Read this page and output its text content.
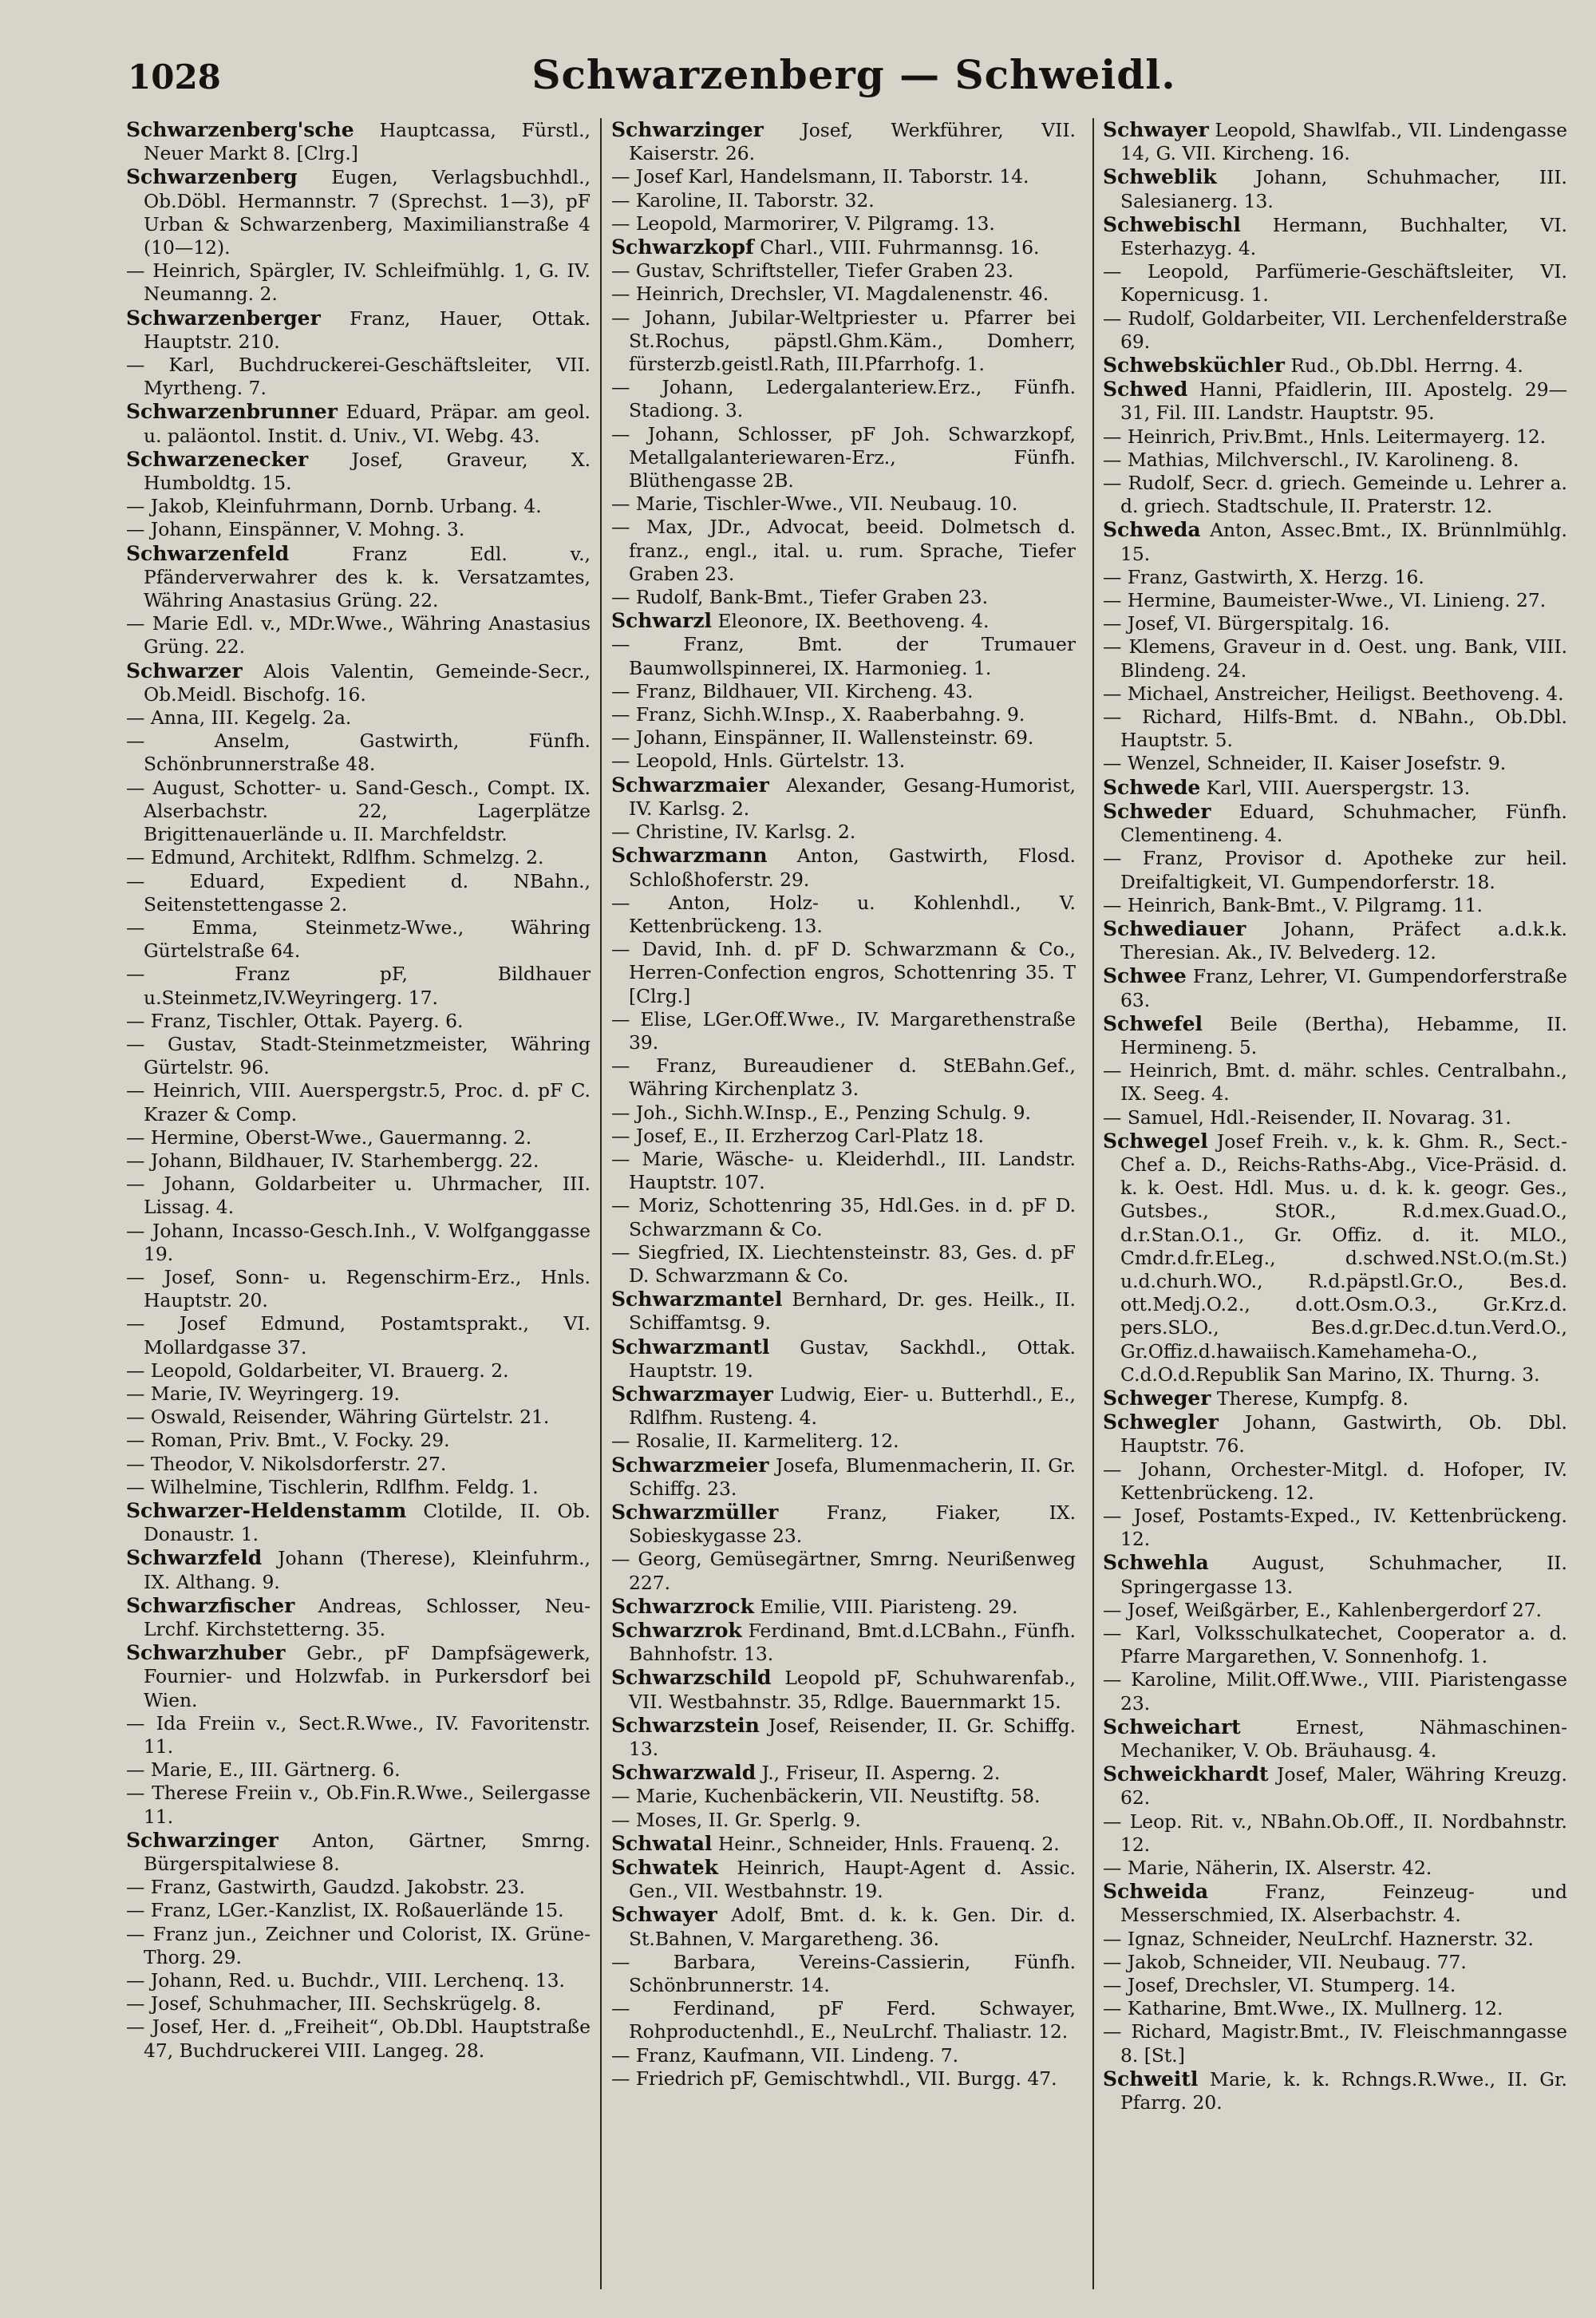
1028	Schwarzenberg — Schweidl.

Schwarzenberg'sche Hauptcassa, Fürstl., Neuer Markt 8. [Clrg.]

Schwarzenberg Eugen, Verlagsbuchhdl., Ob.Döbl. Hermannstr. 7 (Sprechst. 1—3), pF Urban & Schwarzenberg, Maximilianstraße 4 (10—12).

— Heinrich, Spärgler, IV. Schleifmühlg. 1, G. IV. Neumanng. 2.

Schwarzenberger Franz, Hauer, Ottak. Hauptstr. 210.

— Karl, Buchdruckerei-Geschäftsleiter, VII. Myrtheng. 7.

Schwarzenbrunner Eduard, Präpar. am geol. u. paläontol. Instit. d. Univ., VI. Webg. 43.

Schwarzenecker Josef, Graveur, X. Humboldtg. 15.

— Jakob, Kleinfuhrmann, Dornb. Urbang. 4.

— Johann, Einspänner, V. Mohng. 3.

Schwarzenfeld Franz Edl. v., Pfänderverwahrer des k. k. Versatzamtes, Währing Anastasius Grüng. 22.

— Marie Edl. v., MDr.Wwe., Währing Anastasius Grüng. 22.

Schwarzer Alois Valentin, Gemeinde-Secr., Ob.Meidl. Bischofg. 16.

— Anna, III. Kegelg. 2a.

— Anselm, Gastwirth, Fünfh. Schönbrunnerstraße 48.

— August, Schotter- u. Sand-Gesch., Compt. IX. Alserbachstr. 22, Lagerplätze Brigittenauerlände u. II. Marchfeldstr.

— Edmund, Architekt, Rdlfhm. Schmelzg. 2.

— Eduard, Expedient d. NBahn., Seitenstettengasse 2.

— Emma, Steinmetz-Wwe., Währing Gürtelstraße 64.

— Franz pF, Bildhauer u.Steinmetz,IV.Weyringerg. 17.

— Franz, Tischler, Ottak. Payerg. 6.

— Gustav, Stadt-Steinmetzmeister, Währing Gürtelstr. 96.

— Heinrich, VIII. Auerspergstr.5, Proc. d. pF C. Krazer & Comp.

— Hermine, Oberst-Wwe., Gauermanng. 2.

— Johann, Bildhauer, IV. Starhembergg. 22.

— Johann, Goldarbeiter u. Uhrmacher, III. Lissag. 4.

— Johann, Incasso-Gesch.Inh., V. Wolfganggasse 19.

— Josef, Sonn- u. Regenschirm-Erz., Hnls. Hauptstr. 20.

— Josef Edmund, Postamtsprakt., VI. Mollardgasse 37.

— Leopold, Goldarbeiter, VI. Brauerg. 2.

— Marie, IV. Weyringerg. 19.

— Oswald, Reisender, Währing Gürtelstr. 21.

— Roman, Priv. Bmt., V. Focky. 29.

— Theodor, V. Nikolsdorferstr. 27.

— Wilhelmine, Tischlerin, Rdlfhm. Feldg. 1.

Schwarzer-Heldenstamm Clotilde, II. Ob. Donaustr. 1.

Schwarzfeld Johann (Therese), Kleinfuhrm., IX. Althang. 9.

Schwarzfischer Andreas, Schlosser, Neu-Lrchf. Kirchstetterng. 35.

Schwarzhuber Gebr., pF Dampfsägewerk, Fournier- und Holzwfab. in Purkersdorf bei Wien.

— Ida Freiin v., Sect.R.Wwe., IV. Favoritenstr. 11.

— Marie, E., III. Gärtnerg. 6.

— Therese Freiin v., Ob.Fin.R.Wwe., Seilergasse 11.

Schwarzinger Anton, Gärtner, Smrng. Bürgerspitalwiese 8.

— Franz, Gastwirth, Gaudzd. Jakobstr. 23.

— Franz, LGer.-Kanzlist, IX. Roßauerlände 15.

— Franz jun., Zeichner und Colorist, IX. Grüne-Thorg. 29.

— Johann, Red. u. Buchdr., VIII. Lerchenq. 13.

— Josef, Schuhmacher, III. Sechskrügelg. 8.

— Josef, Her. d. „Freiheit“, Ob.Dbl. Hauptstraße 47, Buchdruckerei VIII. Langeg. 28.

Schwarzinger Josef, Werkführer, VII. Kaiserstr. 26.

— Josef Karl, Handelsmann, II. Taborstr. 14.

— Karoline, II. Taborstr. 32.

— Leopold, Marmorirer, V. Pilgramg. 13.

Schwarzkopf Charl., VIII. Fuhrmannsg. 16.

— Gustav, Schriftsteller, Tiefer Graben 23.

— Heinrich, Drechsler, VI. Magdalenenstr. 46.

— Johann, Jubilar-Weltpriester u. Pfarrer bei St.Rochus, päpstl.Ghm.Käm., Domherr, fürsterzb.geistl.Rath, III.Pfarrhofg. 1.

— Johann, Ledergalanteriew.Erz., Fünfh. Stadiong. 3.

— Johann, Schlosser, pF Joh. Schwarzkopf, Metallgalanteriewaren-Erz., Fünfh. Blüthengasse 2B.

— Marie, Tischler-Wwe., VII. Neubaug. 10.

— Max, JDr., Advocat, beeid. Dolmetsch d. franz., engl., ital. u. rum. Sprache, Tiefer Graben 23.

— Rudolf, Bank-Bmt., Tiefer Graben 23.

Schwarzl Eleonore, IX. Beethoveng. 4.

— Franz, Bmt. der Trumauer Baumwollspinnerei, IX. Harmonieg. 1.

— Franz, Bildhauer, VII. Kircheng. 43.

— Franz, Sichh.W.Insp., X. Raaberbahng. 9.

— Johann, Einspänner, II. Wallensteinstr. 69.

— Leopold, Hnls. Gürtelstr. 13.

Schwarzmaier Alexander, Gesang-Humorist, IV. Karlsg. 2.

— Christine, IV. Karlsg. 2.

Schwarzmann Anton, Gastwirth, Flosd. Schloßhoferstr. 29.

— Anton, Holz- u. Kohlenhdl., V. Kettenbrückeng. 13.

— David, Inh. d. pF D. Schwarzmann & Co., Herren-Confection engros, Schottenring 35. T [Clrg.]

— Elise, LGer.Off.Wwe., IV. Margarethenstraße 39.

— Franz, Bureaudiener d. StEBahn.Gef., Währing Kirchenplatz 3.

— Joh., Sichh.W.Insp., E., Penzing Schulg. 9.

— Josef, E., II. Erzherzog Carl-Platz 18.

— Marie, Wäsche- u. Kleiderhdl., III. Landstr. Hauptstr. 107.

— Moriz, Schottenring 35, Hdl.Ges. in d. pF D. Schwarzmann & Co.

— Siegfried, IX. Liechtensteinstr. 83, Ges. d. pF D. Schwarzmann & Co.

Schwarzmantel Bernhard, Dr. ges. Heilk., II. Schiffamtsg. 9.

Schwarzmantl Gustav, Sackhdl., Ottak. Hauptstr. 19.

Schwarzmayer Ludwig, Eier- u. Butterhdl., E., Rdlfhm. Rusteng. 4.

— Rosalie, II. Karmeliterg. 12.

Schwarzmeier Josefa, Blumenmacherin, II. Gr. Schiffg. 23.

Schwarzmüller Franz, Fiaker, IX. Sobieskygasse 23.

— Georg, Gemüsegärtner, Smrng. Neurißenweg 227.

Schwarzrock Emilie, VIII. Piaristeng. 29.

Schwarzrok Ferdinand, Bmt.d.LCBahn., Fünfh. Bahnhofstr. 13.

Schwarzschild Leopold pF, Schuhwarenfab., VII. Westbahnstr. 35, Rdlge. Bauernmarkt 15.

Schwarzstein Josef, Reisender, II. Gr. Schiffg. 13.

Schwarzwald J., Friseur, II. Asperng. 2.

— Marie, Kuchenbäckerin, VII. Neustiftg. 58.

— Moses, II. Gr. Sperlg. 9.

Schwatal Heinr., Schneider, Hnls. Frauenq. 2.

Schwatek Heinrich, Haupt-Agent d. Assic. Gen., VII. Westbahnstr. 19.

Schwayer Adolf, Bmt. d. k. k. Gen. Dir. d. St.Bahnen, V. Margaretheng. 36.

— Barbara, Vereins-Cassierin, Fünfh. Schönbrunnerstr. 14.

— Ferdinand, pF Ferd. Schwayer, Rohproductenhdl., E., NeuLrchf. Thaliastr. 12.

— Franz, Kaufmann, VII. Lindeng. 7.

— Friedrich pF, Gemischtwhdl., VII. Burgg. 47.

Schwayer Leopold, Shawlfab., VII. Lindengasse 14, G. VII. Kircheng. 16.

Schweblik Johann, Schuhmacher, III. Salesianerg. 13.

Schwebischl Hermann, Buchhalter, VI. Esterhazyg. 4.

— Leopold, Parfümerie-Geschäftsleiter, VI. Kopernicusg. 1.

— Rudolf, Goldarbeiter, VII. Lerchenfelderstraße 69.

Schwebsküchler Rud., Ob.Dbl. Herrng. 4.

Schwed Hanni, Pfaidlerin, III. Apostelg. 29—31, Fil. III. Landstr. Hauptstr. 95.

— Heinrich, Priv.Bmt., Hnls. Leitermayerg. 12.

— Mathias, Milchverschl., IV. Karolineng. 8.

— Rudolf, Secr. d. griech. Gemeinde u. Lehrer a. d. griech. Stadtschule, II. Praterstr. 12.

Schweda Anton, Assec.Bmt., IX. Brünnlmühlg. 15.

— Franz, Gastwirth, X. Herzg. 16.

— Hermine, Baumeister-Wwe., VI. Linieng. 27.

— Josef, VI. Bürgerspitalg. 16.

— Klemens, Graveur in d. Oest. ung. Bank, VIII. Blindeng. 24.

— Michael, Anstreicher, Heiligst. Beethoveng. 4.

— Richard, Hilfs-Bmt. d. NBahn., Ob.Dbl. Hauptstr. 5.

— Wenzel, Schneider, II. Kaiser Josefstr. 9.

Schwede Karl, VIII. Auerspergstr. 13.

Schweder Eduard, Schuhmacher, Fünfh. Clementineng. 4.

— Franz, Provisor d. Apotheke zur heil. Dreifaltigkeit, VI. Gumpendorferstr. 18.

— Heinrich, Bank-Bmt., V. Pilgramg. 11.

Schwediauer Johann, Präfect a.d.k.k. Theresian. Ak., IV. Belvederg. 12.

Schwee Franz, Lehrer, VI. Gumpendorferstraße 63.

Schwefel Beile (Bertha), Hebamme, II. Hermineng. 5.

— Heinrich, Bmt. d. mähr. schles. Centralbahn., IX. Seeg. 4.

— Samuel, Hdl.-Reisender, II. Novarag. 31.

Schwegel Josef Freih. v., k. k. Ghm. R., Sect.-Chef a. D., Reichs-Raths-Abg., Vice-Präsid. d. k. k. Oest. Hdl. Mus. u. d. k. k. geogr. Ges., Gutsbes., StOR., R.d.mex.Guad.O., d.r.Stan.O.1., Gr. Offiz. d. it. MLO., Cmdr.d.fr.ELeg., d.schwed.NSt.O.(m.St.) u.d.churh.WO., R.d.päpstl.Gr.O., Bes.d. ott.Medj.O.2., d.ott.Osm.O.3., Gr.Krz.d. pers.SLO., Bes.d.gr.Dec.d.tun.Verd.O., Gr.Offiz.d.hawaiisch.Kamehameha-O., C.d.O.d.Republik San Marino, IX. Thurng. 3.

Schweger Therese, Kumpfg. 8.

Schwegler Johann, Gastwirth, Ob. Dbl. Hauptstr. 76.

— Johann, Orchester-Mitgl. d. Hofoper, IV. Kettenbrückeng. 12.

— Josef, Postamts-Exped., IV. Kettenbrückeng. 12.

Schwehla August, Schuhmacher, II. Springergasse 13.

— Josef, Weißgärber, E., Kahlenbergerdorf 27.

— Karl, Volksschulkatechet, Cooperator a. d. Pfarre Margarethen, V. Sonnenhofg. 1.

— Karoline, Milit.Off.Wwe., VIII. Piaristengasse 23.

Schweichart Ernest, Nähmaschinen-Mechaniker, V. Ob. Bräuhausg. 4.

Schweickhardt Josef, Maler, Währing Kreuzg. 62.

— Leop. Rit. v., NBahn.Ob.Off., II. Nordbahnstr. 12.

— Marie, Näherin, IX. Alserstr. 42.

Schweida Franz, Feinzeug- und Messerschmied, IX. Alserbachstr. 4.

— Ignaz, Schneider, NeuLrchf. Haznerstr. 32.

— Jakob, Schneider, VII. Neubaug. 77.

— Josef, Drechsler, VI. Stumperg. 14.

— Katharine, Bmt.Wwe., IX. Mullnerg. 12.

— Richard, Magistr.Bmt., IV. Fleischmanngasse 8. [St.]

Schweitl Marie, k. k. Rchngs.R.Wwe., II. Gr. Pfarrg. 20.
